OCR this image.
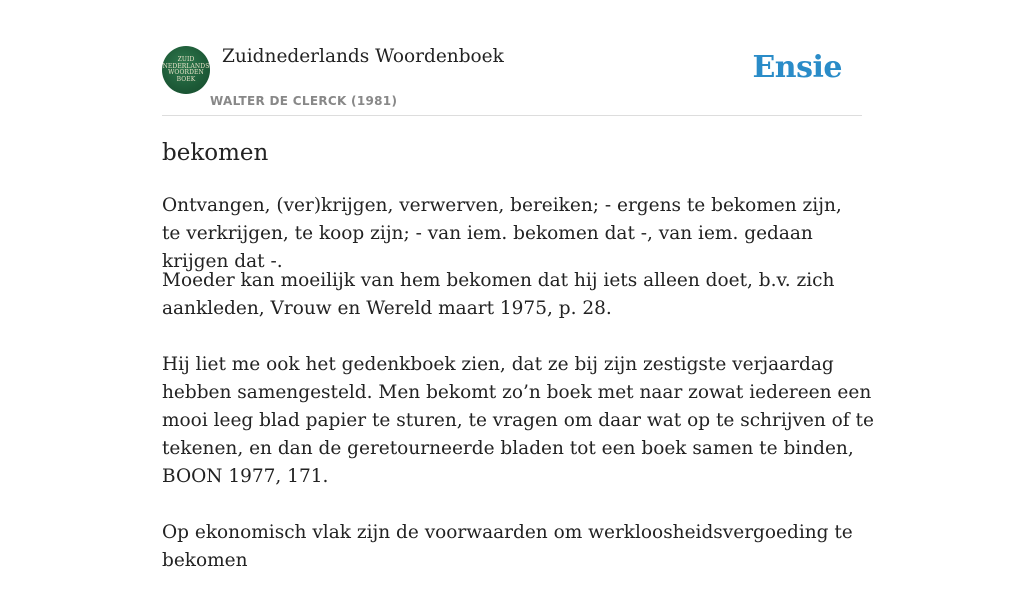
ZUID
NEDERLANDS
WOORDEN
BOEK
Zuidnederlands Woordenboek
WALTER DE CLERCK (1981)
Ensie
bekomen

Ontvangen, (ver)krijgen, verwerven, bereiken; - ergens te bekomen zijn, te verkrijgen, te koop zijn; - van iem. bekomen dat -, van iem. gedaan krijgen dat -.

Moeder kan moeilijk van hem bekomen dat hij iets alleen doet, b.v. zich aankleden, Vrouw en Wereld maart 1975, p. 28.

Hij liet me ook het gedenkboek zien, dat ze bij zijn zestigste verjaardag hebben samengesteld. Men bekomt zo’n boek met naar zowat iedereen een mooi leeg blad papier te sturen, te vragen om daar wat op te schrijven of te tekenen, en dan de geretourneerde bladen tot een boek samen te binden, BOON 1977, 171.

Op ekonomisch vlak zijn de voorwaarden om werkloosheidsvergoeding te bekomen
